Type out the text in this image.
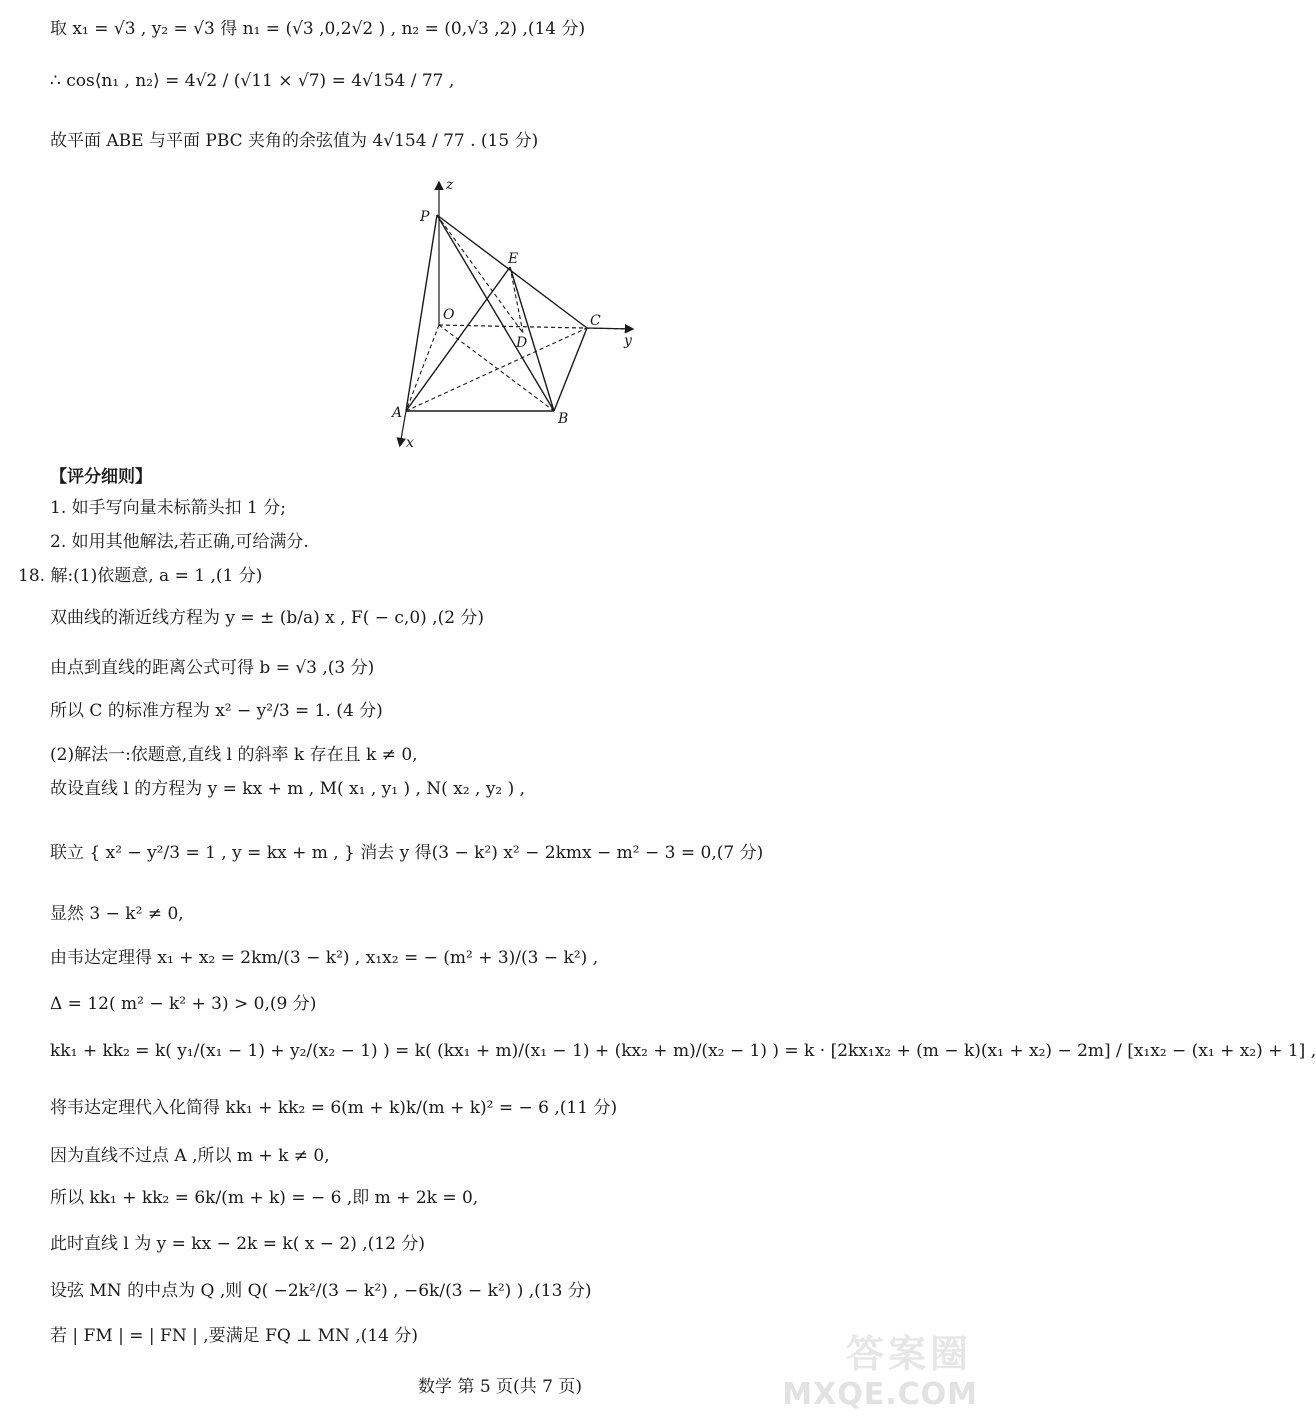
取 x₁ = √3 , y₂ = √3 得 n₁ = (√3 ,0,2√2 ) , n₂ = (0,√3 ,2) ,(14 分)
∴ cos⟨n₁ , n₂⟩ = 4√2 / (√11 × √7) = 4√154 / 77 ,
故平面 ABE 与平面 PBC 夹角的余弦值为 4√154 / 77 . (15 分)
【评分细则】
1. 如手写向量未标箭头扣 1 分;
2. 如用其他解法,若正确,可给满分.
18. 解:(1)依题意, a = 1 ,(1 分)
双曲线的渐近线方程为 y = ± (b/a) x , F( − c,0) ,(2 分)
由点到直线的距离公式可得 b = √3 ,(3 分)
所以 C 的标准方程为 x² − y²/3 = 1. (4 分)
(2)解法一:依题意,直线 l 的斜率 k 存在且 k ≠ 0,
故设直线 l 的方程为 y = kx + m , M( x₁ , y₁ ) , N( x₂ , y₂ ) ,
联立 { x² − y²/3 = 1 , y = kx + m , } 消去 y 得(3 − k²) x² − 2kmx − m² − 3 = 0,(7 分)
显然 3 − k² ≠ 0,
由韦达定理得 x₁ + x₂ = 2km/(3 − k²) , x₁x₂ = − (m² + 3)/(3 − k²) ,
Δ = 12( m² − k² + 3) > 0,(9 分)
kk₁ + kk₂ = k( y₁/(x₁ − 1) + y₂/(x₂ − 1) ) = k( (kx₁ + m)/(x₁ − 1) + (kx₂ + m)/(x₂ − 1) ) = k · [2kx₁x₂ + (m − k)(x₁ + x₂) − 2m] / [x₁x₂ − (x₁ + x₂) + 1] ,
将韦达定理代入化简得 kk₁ + kk₂ = 6(m + k)k/(m + k)² = − 6 ,(11 分)
因为直线不过点 A ,所以 m + k ≠ 0,
所以 kk₁ + kk₂ = 6k/(m + k) = − 6 ,即 m + 2k = 0,
此时直线 l 为 y = kx − 2k = k( x − 2) ,(12 分)
设弦 MN 的中点为 Q ,则 Q( −2k²/(3 − k²) , −6k/(3 − k²) ) ,(13 分)
若 | FM | = | FN | ,要满足 FQ ⊥ MN ,(14 分)
z
P
E
O	C
y
D
A	B
x
数学 第 5 页(共 7 页)
答案圈
MXQE.COM
